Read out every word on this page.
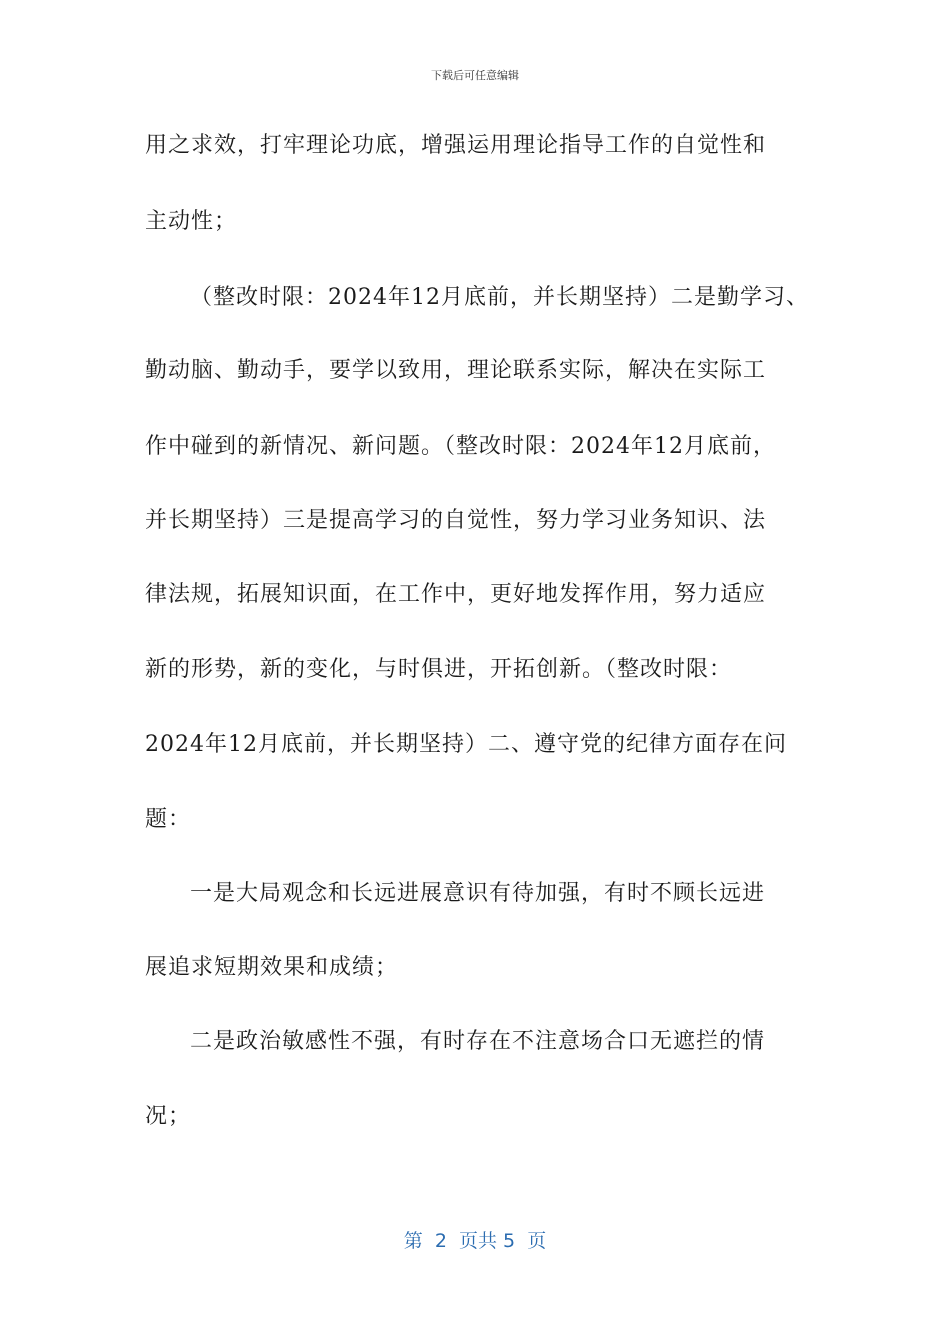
下载后可任意编辑
用之求效，打牢理论功底，增强运用理论指导工作的自觉性和
主动性；
（整改时限：2024年12月底前，并长期坚持）二是勤学习、
勤动脑、勤动手，要学以致用，理论联系实际，解决在实际工
作中碰到的新情况、新问题。（整改时限：2024年12月底前，
并长期坚持）三是提高学习的自觉性，努力学习业务知识、法
律法规，拓展知识面，在工作中，更好地发挥作用，努力适应
新的形势，新的变化，与时俱进，开拓创新。（整改时限：
2024年12月底前，并长期坚持）二、遵守党的纪律方面存在问
题：
一是大局观念和长远进展意识有待加强，有时不顾长远进
展追求短期效果和成绩；
二是政治敏感性不强，有时存在不注意场合口无遮拦的情
况；
第  2  页共 5  页
